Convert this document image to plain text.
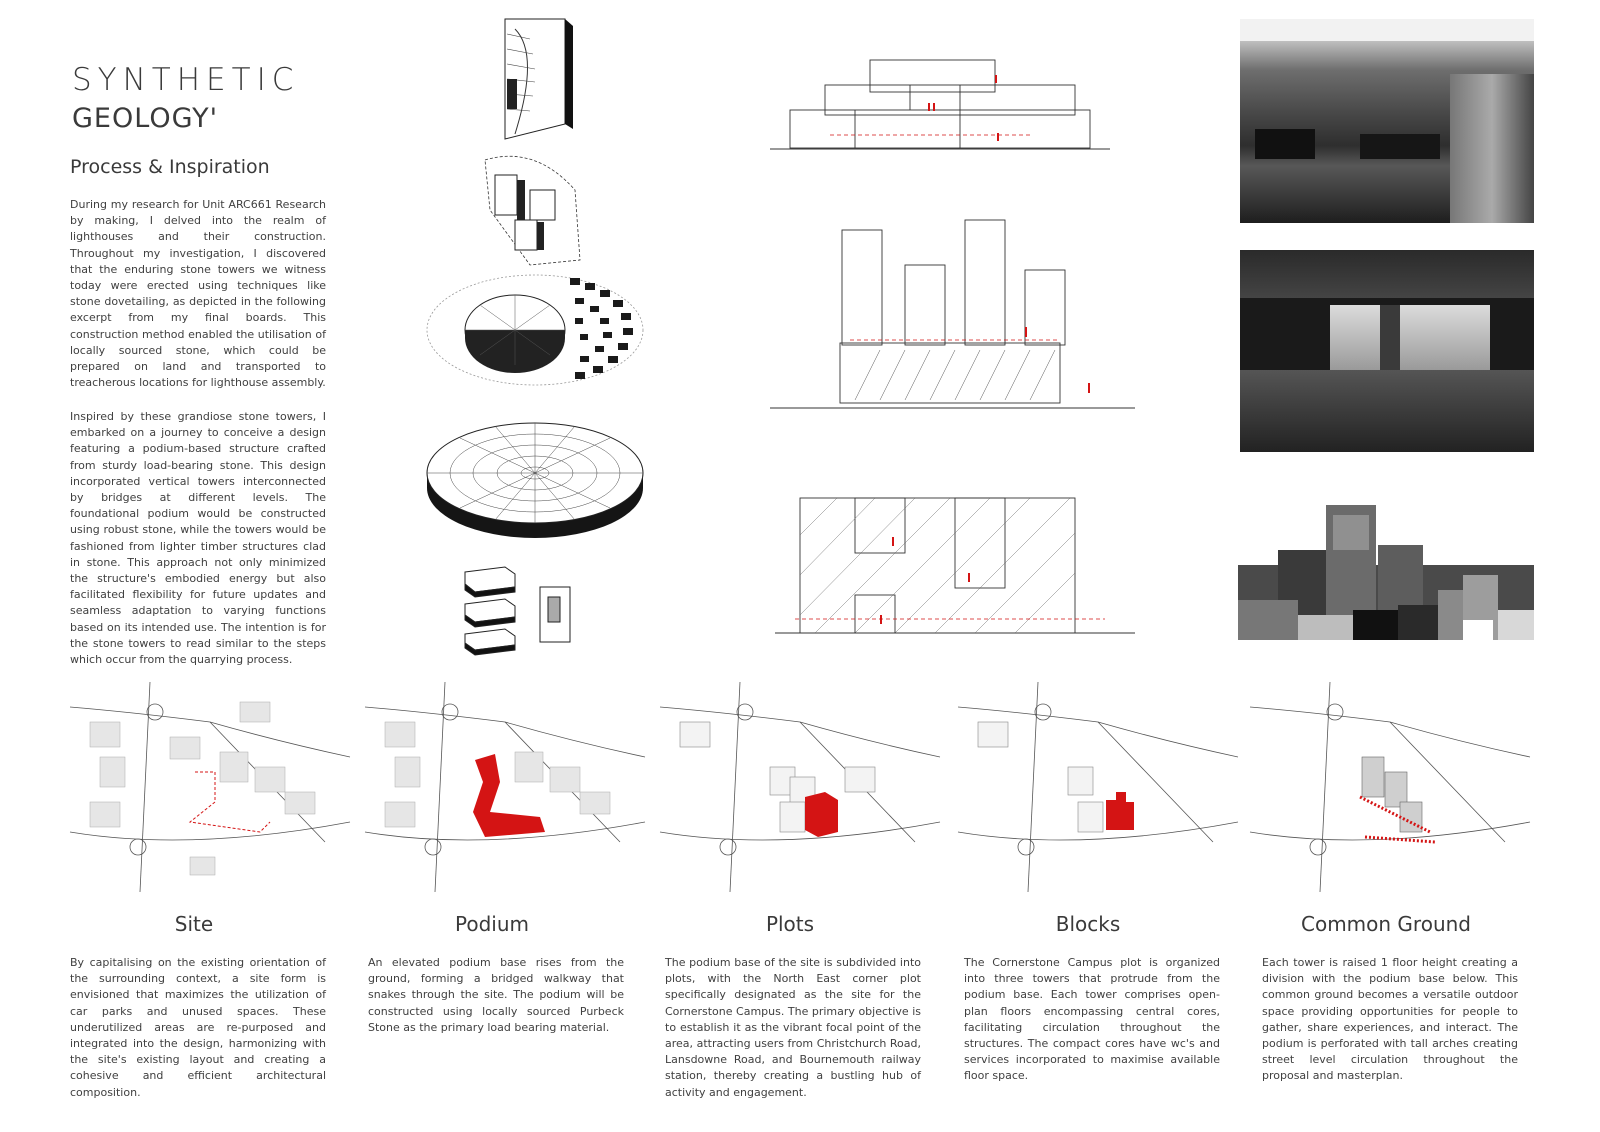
SYNTHETIC
GEOLOGY'
Process & Inspiration
During my research for Unit ARC661 Research by making, I delved into the realm of lighthouses and their construction. Throughout my investigation, I discovered that the enduring stone towers we witness today were erected using techniques like stone dovetailing, as depicted in the following excerpt from my final boards. This construction method enabled the utilisation of locally sourced stone, which could be prepared on land and transported to treacherous locations for lighthouse assembly.
Inspired by these grandiose stone towers, I embarked on a journey to conceive a design featuring a podium-based structure crafted from sturdy load-bearing stone. This design incorporated vertical towers interconnected by bridges at different levels. The foundational podium would be constructed using robust stone, while the towers would be fashioned from lighter timber structures clad in stone. This approach not only minimized the structure's embodied energy but also facilitated flexibility for future updates and seamless adaptation to varying functions based on its intended use. The intention is for the stone towers to read similar to the steps which occur from the quarrying process.
Site	Podium	Plots	Blocks	Common Ground
By capitalising on the existing orientation of the surrounding context, a site form is envisioned that maximizes the utilization of car parks and unused spaces. These underutilized areas are re-purposed and integrated into the design, harmonizing with the site's existing layout and creating a cohesive and efficient architectural composition.
An elevated podium base rises from the ground, forming a bridged walkway that snakes through the site. The podium will be constructed using locally sourced Purbeck Stone as the primary load bearing material.
The podium base of the site is subdivided into plots, with the North East corner plot specifically designated as the site for the Cornerstone Campus. The primary objective is to establish it as the vibrant focal point of the area, attracting users from Christchurch Road, Lansdowne Road, and Bournemouth railway station, thereby creating a bustling hub of activity and engagement.
The Cornerstone Campus plot is organized into three towers that protrude from the podium base. Each tower comprises open-plan floors encompassing central cores, facilitating circulation throughout the structures. The compact cores have wc's and services incorporated to maximise available floor space.
Each tower is raised 1 floor height creating a division with the podium base below. This common ground becomes a versatile outdoor space providing opportunities for people to gather, share experiences, and interact. The podium is perforated with tall arches creating street level circulation throughout the proposal and masterplan.
